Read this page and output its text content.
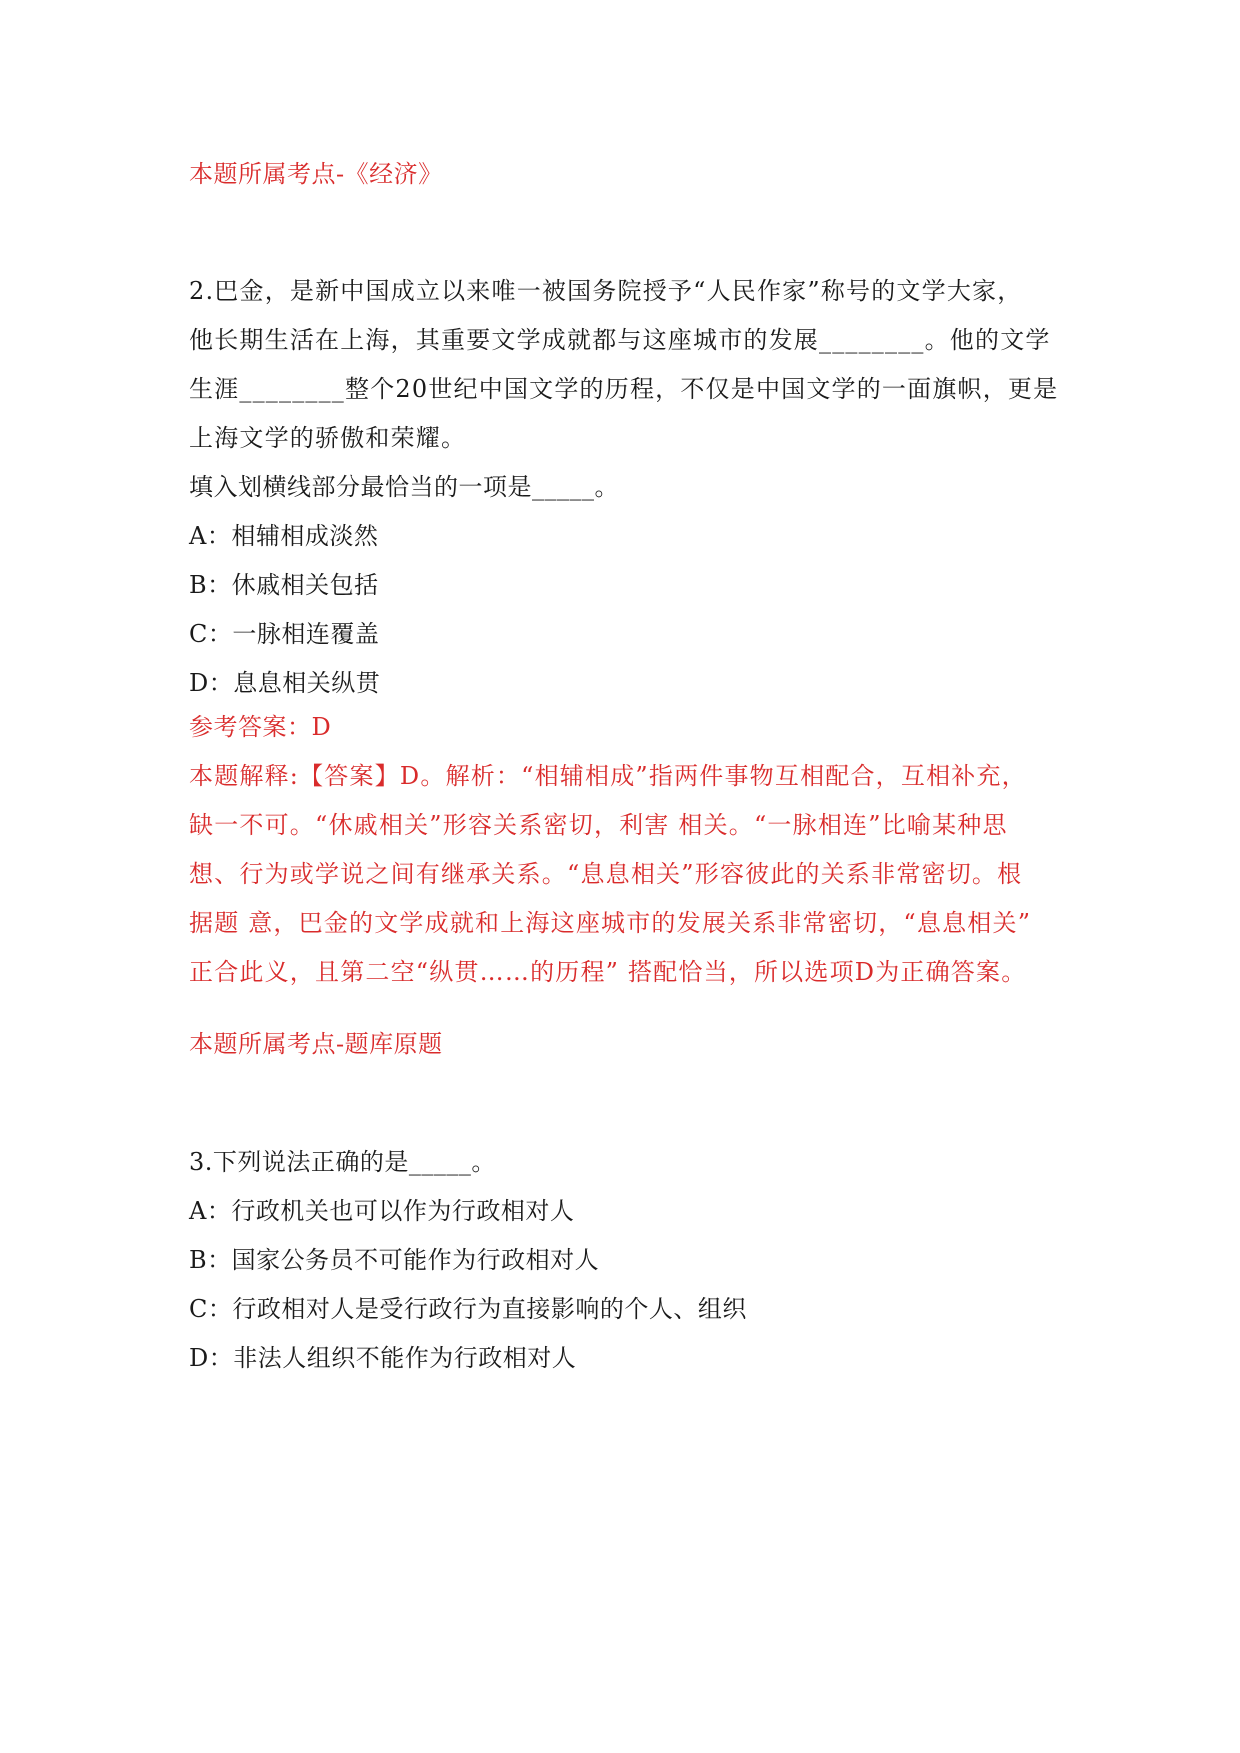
本题所属考点-《经济》
2.巴金，是新中国成立以来唯一被国务院授予“人民作家”称号的文学大家，
他长期生活在上海，其重要文学成就都与这座城市的发展________。他的文学
生涯________整个20世纪中国文学的历程，不仅是中国文学的一面旗帜，更是
上海文学的骄傲和荣耀。
填入划横线部分最恰当的一项是_____。
A：相辅相成淡然
B：休戚相关包括
C：一脉相连覆盖
D：息息相关纵贯
参考答案：D
本题解释:【答案】D。解析：“相辅相成”指两件事物互相配合，互相补充，
缺一不可。“休戚相关”形容关系密切，利害 相关。“一脉相连”比喻某种思
想、行为或学说之间有继承关系。“息息相关”形容彼此的关系非常密切。根
据题 意，巴金的文学成就和上海这座城市的发展关系非常密切，“息息相关”
正合此义，且第二空“纵贯……的历程” 搭配恰当，所以选项D为正确答案。
本题所属考点-题库原题
3.下列说法正确的是_____。
A：行政机关也可以作为行政相对人
B：国家公务员不可能作为行政相对人
C：行政相对人是受行政行为直接影响的个人、组织
D：非法人组织不能作为行政相对人
